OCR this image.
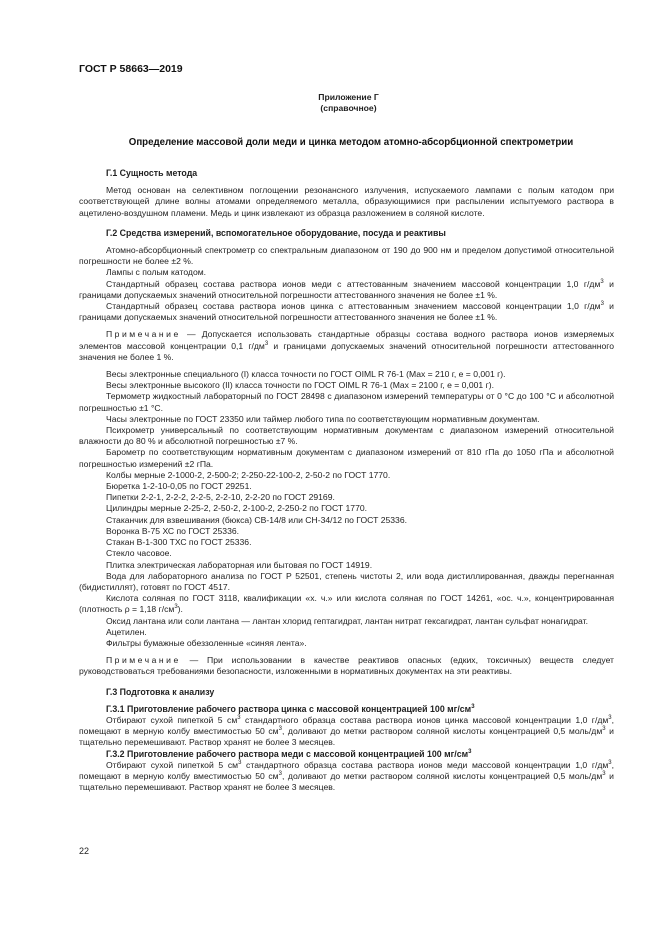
ГОСТ Р 58663—2019
Приложение Г
(справочное)
Определение массовой доли меди и цинка методом атомно-абсорбционной спектрометрии

Г.1 Сущность метода

Метод основан на селективном поглощении резонансного излучения, испускаемого лампами с полым катодом при соответствующей длине волны атомами определяемого металла, образующимися при распылении испытуемого раствора в ацетилено-воздушном пламени. Медь и цинк извлекают из образца разложением в соляной кислоте.

Г.2 Средства измерений, вспомогательное оборудование, посуда и реактивы

Атомно-абсорбционный спектрометр со спектральным диапазоном от 190 до 900 нм и пределом допустимой относительной погрешности не более ±2 %.

Лампы с полым катодом.

Стандартный образец состава раствора ионов меди с аттестованным значением массовой концентрации 1,0 $г/дм^3$ и границами допускаемых значений относительной погрешности аттестованного значения не более ±1 %.

Стандартный образец состава раствора ионов цинка с аттестованным значением массовой концентрации 1,0 $г/дм^3$ и границами допускаемых значений относительной погрешности аттестованного значения не более ±1 %.

Примечание — Допускается использовать стандартные образцы состава водного раствора ионов измеряемых элементов массовой концентрации 0,1 $г/дм^3$ и границами допускаемых значений относительной погрешности аттестованного значения не более 1 %.

Весы электронные специального (I) класса точности по ГОСТ OIML R 76-1 (Max = 210 г, e = 0,001 г).

Весы электронные высокого (II) класса точности по ГОСТ OIML R 76-1 (Max = 2100 г, e = 0,001 г).

Термометр жидкостный лабораторный по ГОСТ 28498 с диапазоном измерений температуры от 0 °С до 100 °С и абсолютной погрешностью ±1 °С.

Часы электронные по ГОСТ 23350 или таймер любого типа по соответствующим нормативным документам.

Психрометр универсальный по соответствующим нормативным документам с диапазоном измерений относительной влажности до 80 % и абсолютной погрешностью ±7 %.

Барометр по соответствующим нормативным документам с диапазоном измерений от 810 гПа до 1050 гПа и абсолютной погрешностью измерений ±2 гПа.

Колбы мерные 2-1000-2, 2-500-2; 2-250-22-100-2, 2-50-2 по ГОСТ 1770.

Бюретка 1-2-10-0,05 по ГОСТ 29251.

Пипетки 2-2-1, 2-2-2, 2-2-5, 2-2-10, 2-2-20 по ГОСТ 29169.

Цилиндры мерные 2-25-2, 2-50-2, 2-100-2, 2-250-2 по ГОСТ 1770.

Стаканчик для взвешивания (бюкса) СВ-14/8 или СН-34/12 по ГОСТ 25336.

Воронка В-75 ХС по ГОСТ 25336.

Стакан В-1-300 ТХС по ГОСТ 25336.

Стекло часовое.

Плитка электрическая лабораторная или бытовая по ГОСТ 14919.

Вода для лабораторного анализа по ГОСТ Р 52501, степень чистоты 2, или вода дистиллированная, дважды перегнанная (бидистиллят), готовят по ГОСТ 4517.

Кислота соляная по ГОСТ 3118, квалификации «х. ч.» или кислота соляная по ГОСТ 14261, «ос. ч.», концентрированная (плотность ρ = 1,18 $г/см^3$).

Оксид лантана или соли лантана — лантан хлорид гептагидрат, лантан нитрат гексагидрат, лантан сульфат нонагидрат.

Ацетилен.

Фильтры бумажные обеззоленные «синяя лента».

Примечание — При использовании в качестве реактивов опасных (едких, токсичных) веществ следует руководствоваться требованиями безопасности, изложенными в нормативных документах на эти реактивы.

Г.3 Подготовка к анализу

Г.3.1 Приготовление рабочего раствора цинка с массовой концентрацией 100 $мг/см^3$

Отбирают сухой пипеткой 5 $см^3$ стандартного образца состава раствора ионов цинка массовой концентрации 1,0 $г/дм^3$, помещают в мерную колбу вместимостью 50 $см^3$, доливают до метки раствором соляной кислоты концентрацией 0,5 моль/$дм^3$ и тщательно перемешивают. Раствор хранят не более 3 месяцев.

Г.3.2 Приготовление рабочего раствора меди с массовой концентрацией 100 $мг/см^3$

Отбирают сухой пипеткой 5 $см^3$ стандартного образца состава раствора ионов меди массовой концентрации 1,0 $г/дм^3$, помещают в мерную колбу вместимостью 50 $см^3$, доливают до метки раствором соляной кислоты концентрацией 0,5 моль/$дм^3$ и тщательно перемешивают. Раствор хранят не более 3 месяцев.

22
